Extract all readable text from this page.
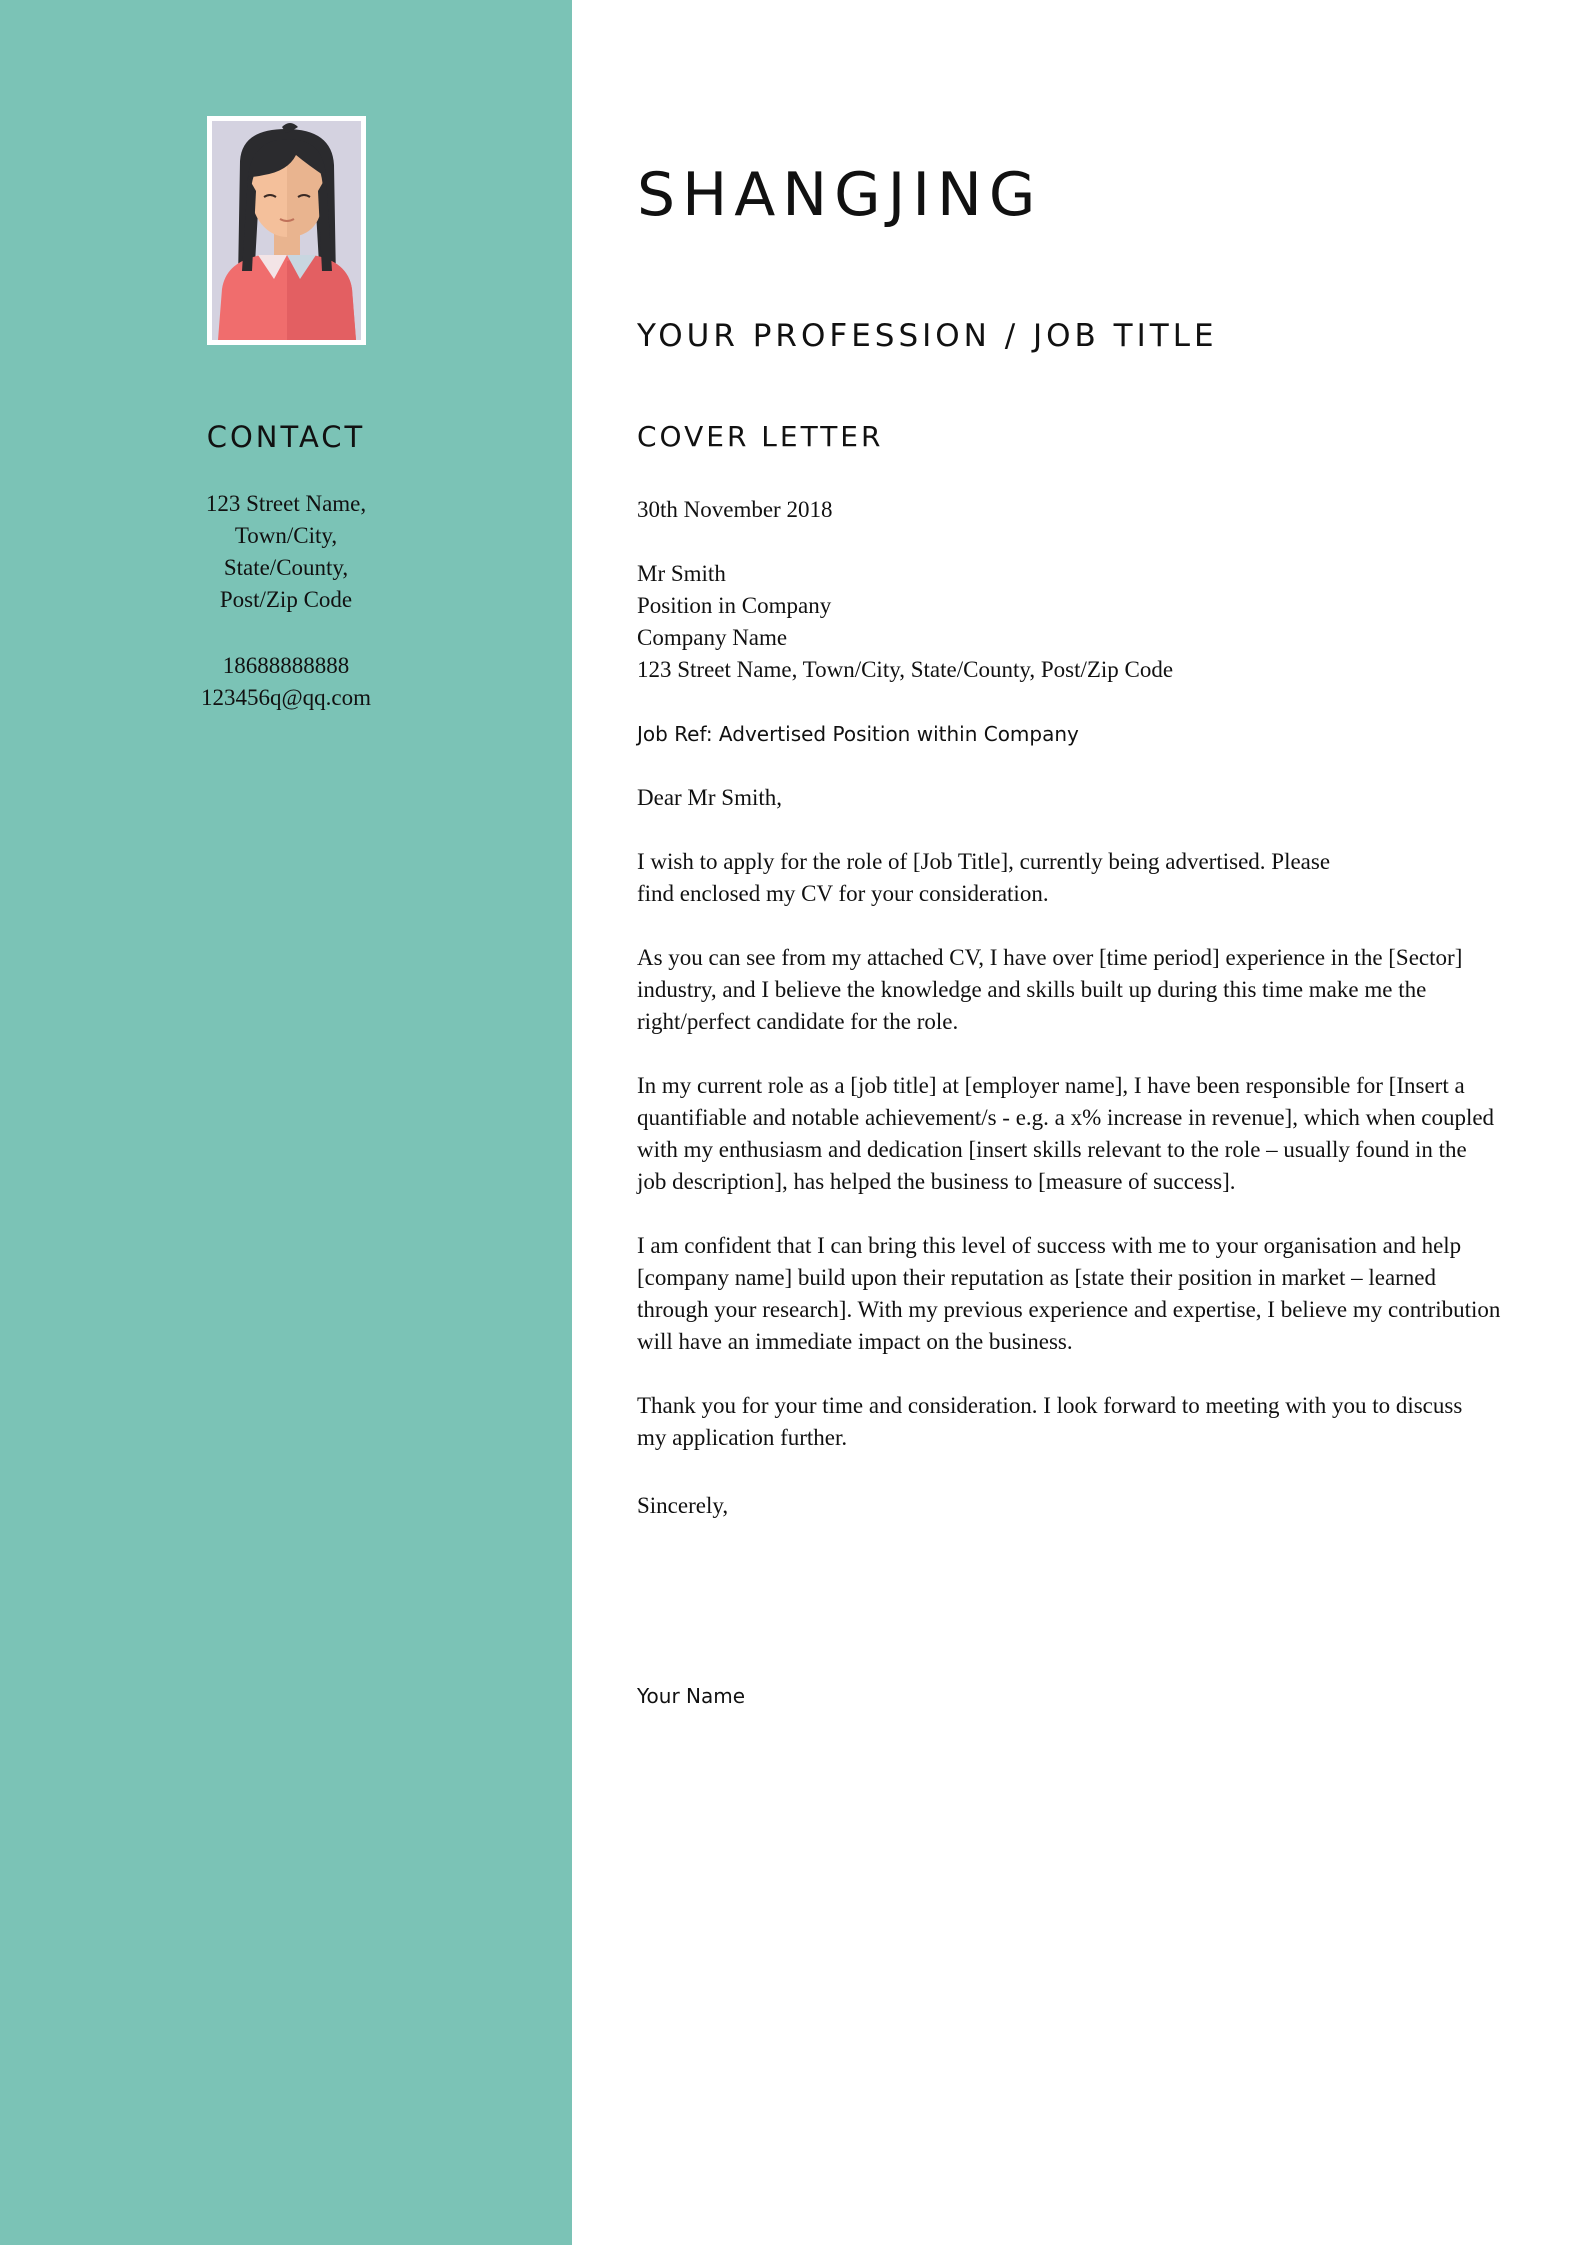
CONTACT
123 Street Name,
Town/City,
State/County,
Post/Zip Code
18688888888
123456q@qq.com
SHANGJING
YOUR PROFESSION / JOB TITLE
COVER LETTER
30th November 2018
Mr Smith
Position in Company
Company Name
123 Street Name, Town/City, State/County, Post/Zip Code
Job Ref: Advertised Position within Company
Dear Mr Smith,
I wish to apply for the role of [Job Title], currently being advertised. Please find enclosed my CV for your consideration.
As you can see from my attached CV, I have over [time period] experience in the [Sector] industry, and I believe the knowledge and skills built up during this time make me the right/perfect candidate for the role.
In my current role as a [job title] at [employer name], I have been responsible for [Insert a quantifiable and notable achievement/s - e.g. a x% increase in revenue], which when coupled with my enthusiasm and dedication [insert skills relevant to the role – usually found in the job description], has helped the business to [measure of success].
I am confident that I can bring this level of success with me to your organisation and help [company name] build upon their reputation as [state their position in market – learned through your research]. With my previous experience and expertise, I believe my contribution will have an immediate impact on the business.
Thank you for your time and consideration. I look forward to meeting with you to discuss my application further.
Sincerely,
Your Name
